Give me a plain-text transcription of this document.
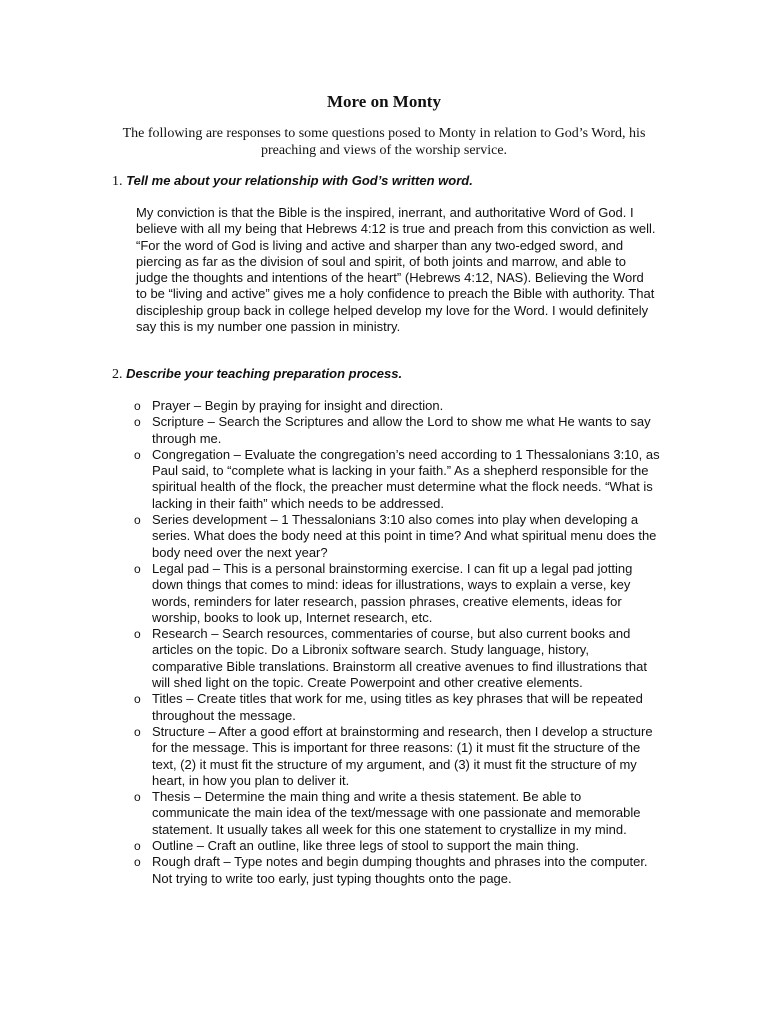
More on Monty

The following are responses to some questions posed to Monty in relation to God’s Word, his preaching and views of the worship service.

1. Tell me about your relationship with God’s written word.

My conviction is that the Bible is the inspired, inerrant, and authoritative Word of God. I believe with all my being that Hebrews 4:12 is true and preach from this conviction as well. “For the word of God is living and active and sharper than any two-edged sword, and piercing as far as the division of soul and spirit, of both joints and marrow, and able to judge the thoughts and intentions of the heart” (Hebrews 4:12, NAS). Believing the Word to be “living and active” gives me a holy confidence to preach the Bible with authority. That discipleship group back in college helped develop my love for the Word. I would definitely say this is my number one passion in ministry.

2. Describe your teaching preparation process.

o Prayer – Begin by praying for insight and direction.
o Scripture – Search the Scriptures and allow the Lord to show me what He wants to say through me.
o Congregation – Evaluate the congregation’s need according to 1 Thessalonians 3:10, as Paul said, to “complete what is lacking in your faith.” As a shepherd responsible for the spiritual health of the flock, the preacher must determine what the flock needs. “What is lacking in their faith” which needs to be addressed.
o Series development – 1 Thessalonians 3:10 also comes into play when developing a series. What does the body need at this point in time? And what spiritual menu does the body need over the next year?
o Legal pad – This is a personal brainstorming exercise. I can fit up a legal pad jotting down things that comes to mind: ideas for illustrations, ways to explain a verse, key words, reminders for later research, passion phrases, creative elements, ideas for worship, books to look up, Internet research, etc.
o Research – Search resources, commentaries of course, but also current books and articles on the topic. Do a Libronix software search. Study language, history, comparative Bible translations. Brainstorm all creative avenues to find illustrations that will shed light on the topic. Create Powerpoint and other creative elements.
o Titles – Create titles that work for me, using titles as key phrases that will be repeated throughout the message.
o Structure – After a good effort at brainstorming and research, then I develop a structure for the message. This is important for three reasons: (1) it must fit the structure of the text, (2) it must fit the structure of my argument, and (3) it must fit the structure of my heart, in how you plan to deliver it.
o Thesis – Determine the main thing and write a thesis statement. Be able to communicate the main idea of the text/message with one passionate and memorable statement. It usually takes all week for this one statement to crystallize in my mind.
o Outline – Craft an outline, like three legs of stool to support the main thing.
o Rough draft – Type notes and begin dumping thoughts and phrases into the computer. Not trying to write too early, just typing thoughts onto the page.
